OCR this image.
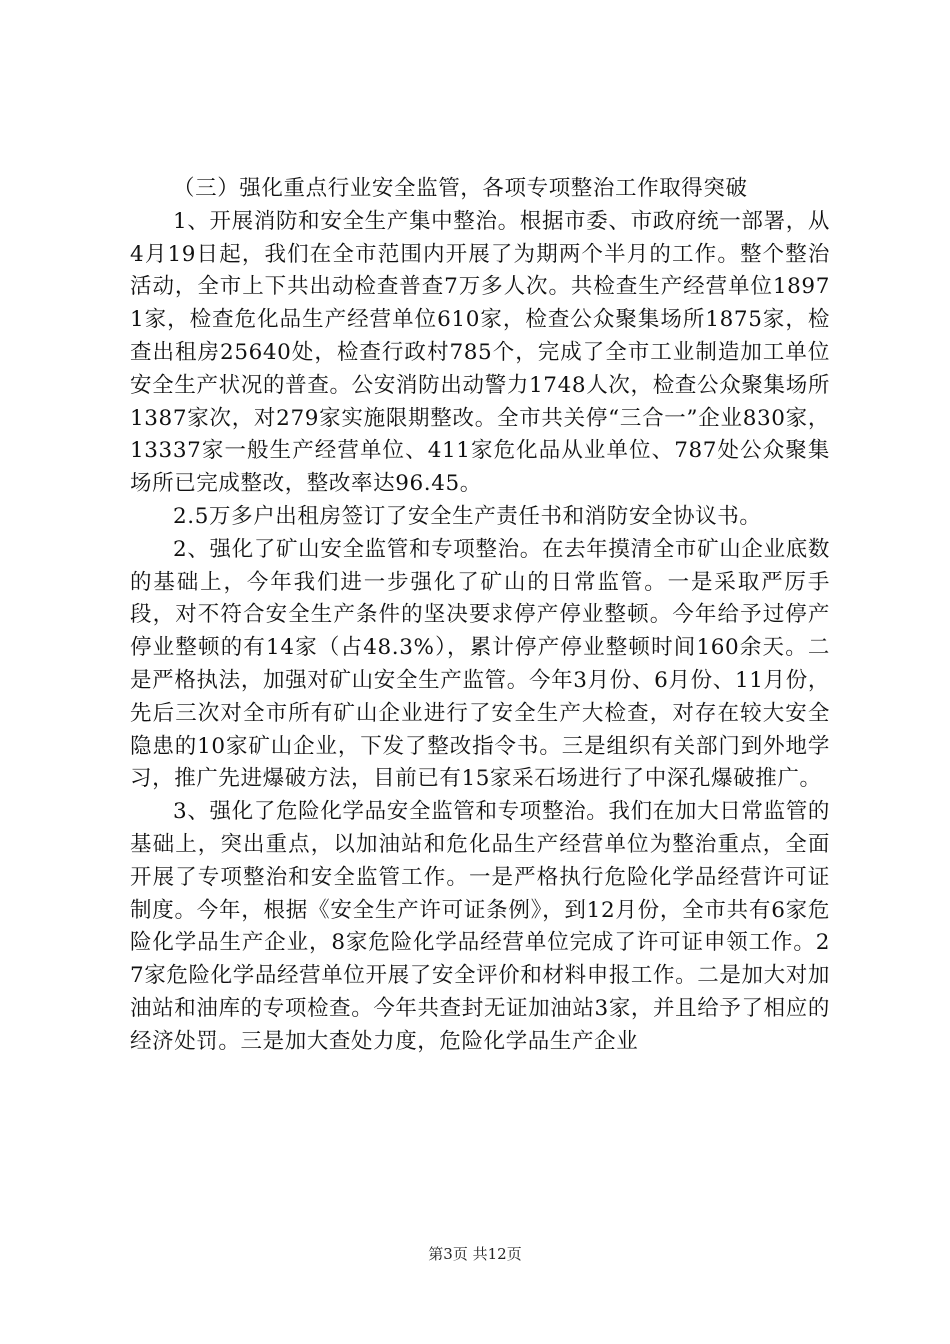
（三）强化重点行业安全监管，各项专项整治工作取得突破

1、开展消防和安全生产集中整治。根据市委、市政府统一部署，从4月19日起，我们在全市范围内开展了为期两个半月的工作。整个整治活动，全市上下共出动检查普查7万多人次。共检查生产经营单位18971家，检查危化品生产经营单位610家，检查公众聚集场所1875家，检查出租房25640处，检查行政村785个，完成了全市工业制造加工单位安全生产状况的普查。公安消防出动警力1748人次，检查公众聚集场所1387家次，对279家实施限期整改。全市共关停“三合一”企业830家，13337家一般生产经营单位、411家危化品从业单位、787处公众聚集场所已完成整改，整改率达96.45。

2.5万多户出租房签订了安全生产责任书和消防安全协议书。

2、强化了矿山安全监管和专项整治。在去年摸清全市矿山企业底数的基础上，今年我们进一步强化了矿山的日常监管。一是采取严厉手段，对不符合安全生产条件的坚决要求停产停业整顿。今年给予过停产停业整顿的有14家（占48.3%），累计停产停业整顿时间160余天。二是严格执法，加强对矿山安全生产监管。今年3月份、6月份、11月份，先后三次对全市所有矿山企业进行了安全生产大检查，对存在较大安全隐患的10家矿山企业，下发了整改指令书。三是组织有关部门到外地学习，推广先进爆破方法，目前已有15家采石场进行了中深孔爆破推广。

3、强化了危险化学品安全监管和专项整治。我们在加大日常监管的基础上，突出重点，以加油站和危化品生产经营单位为整治重点，全面开展了专项整治和安全监管工作。一是严格执行危险化学品经营许可证制度。今年，根据《安全生产许可证条例》，到12月份，全市共有6家危险化学品生产企业，8家危险化学品经营单位完成了许可证申领工作。27家危险化学品经营单位开展了安全评价和材料申报工作。二是加大对加油站和油库的专项检查。今年共查封无证加油站3家，并且给予了相应的经济处罚。三是加大查处力度，危险化学品生产企业

第3页 共12页
